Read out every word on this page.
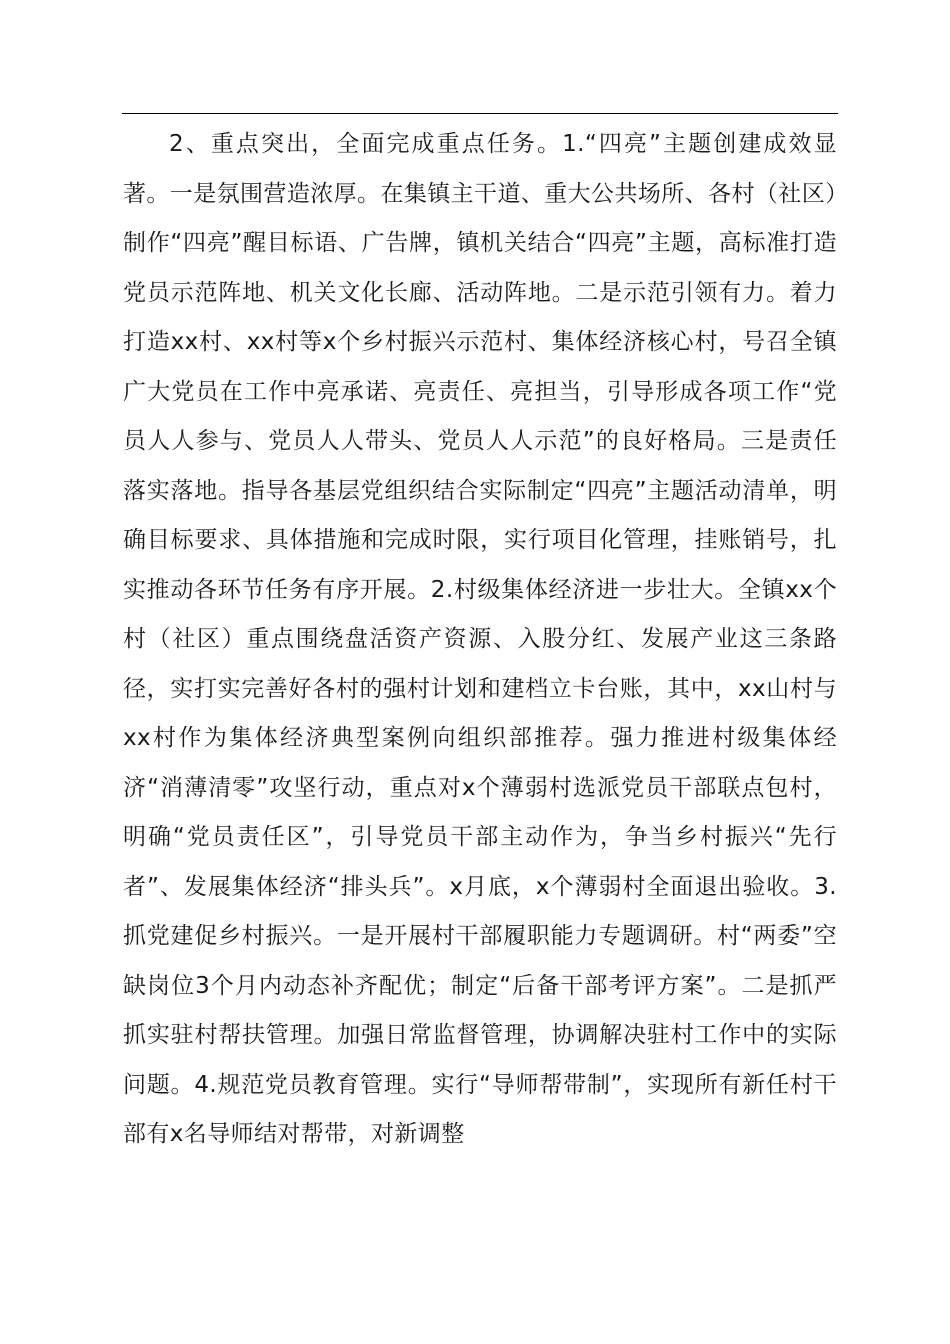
2、重点突出，全面完成重点任务。1.“四亮”主题创建成效显著。一是氛围营造浓厚。在集镇主干道、重大公共场所、各村（社区）制作“四亮”醒目标语、广告牌，镇机关结合“四亮”主题，高标准打造党员示范阵地、机关文化长廊、活动阵地。二是示范引领有力。着力打造xx村、xx村等x个乡村振兴示范村、集体经济核心村，号召全镇广大党员在工作中亮承诺、亮责任、亮担当，引导形成各项工作“党员人人参与、党员人人带头、党员人人示范”的良好格局。三是责任落实落地。指导各基层党组织结合实际制定“四亮”主题活动清单，明确目标要求、具体措施和完成时限，实行项目化管理，挂账销号，扎实推动各环节任务有序开展。2.村级集体经济进一步壮大。全镇xx个村（社区）重点围绕盘活资产资源、入股分红、发展产业这三条路径，实打实完善好各村的强村计划和建档立卡台账，其中，xx山村与xx村作为集体经济典型案例向组织部推荐。强力推进村级集体经济“消薄清零”攻坚行动，重点对x个薄弱村选派党员干部联点包村，明确“党员责任区”，引导党员干部主动作为，争当乡村振兴“先行者”、发展集体经济“排头兵”。x月底，x个薄弱村全面退出验收。3.抓党建促乡村振兴。一是开展村干部履职能力专题调研。村“两委”空缺岗位3个月内动态补齐配优；制定“后备干部考评方案”。二是抓严抓实驻村帮扶管理。加强日常监督管理，协调解决驻村工作中的实际问题。4.规范党员教育管理。实行“导师帮带制”，实现所有新任村干部有x名导师结对帮带，对新调整
